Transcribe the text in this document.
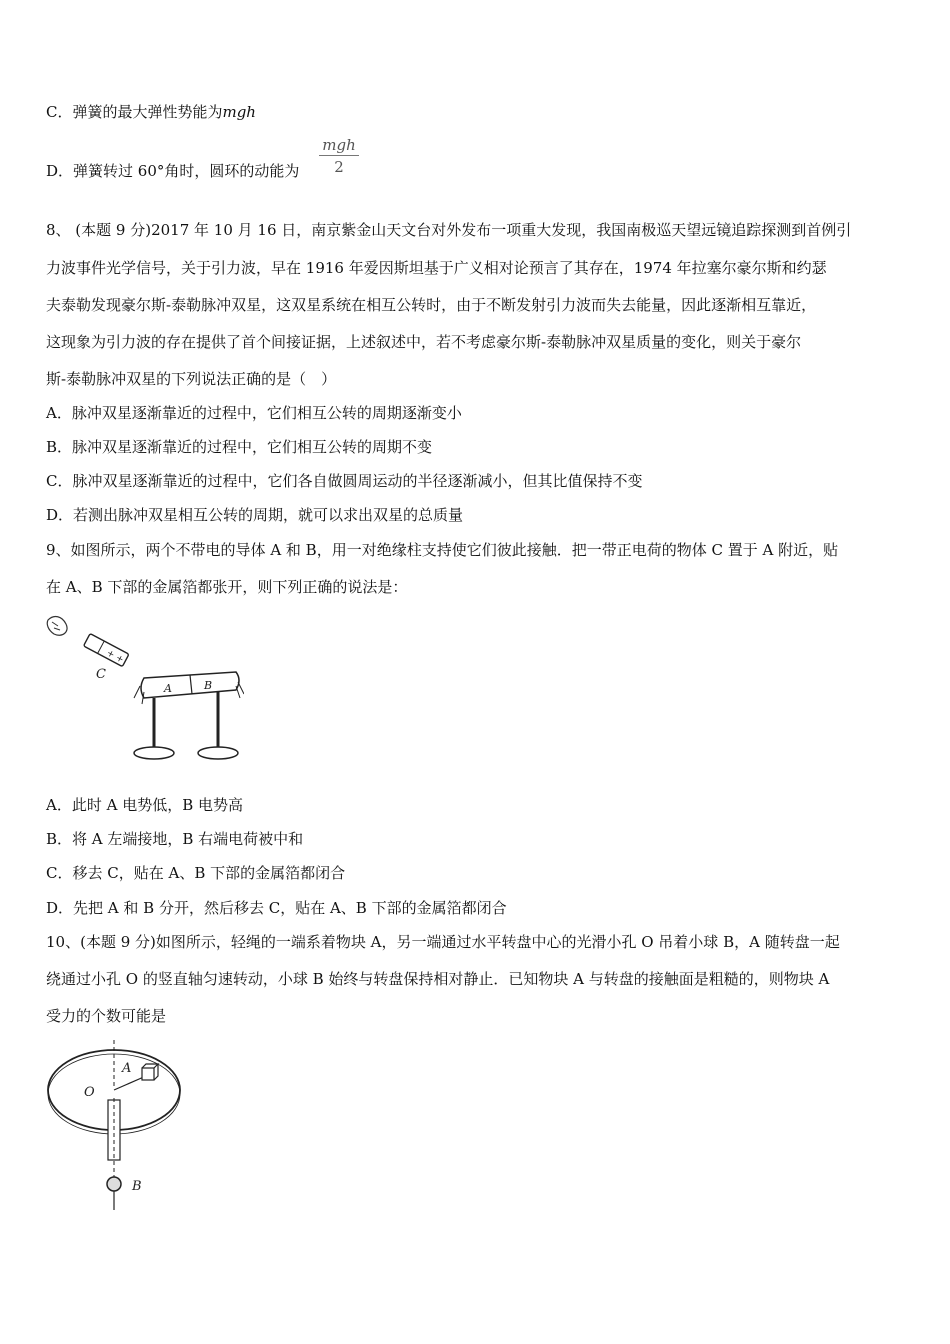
C．弹簧的最大弹性势能为mgh
D．弹簧转过 60°角时，圆环的动能为
mgh
2
8、 (本题 9 分)2017 年 10 月 16 日，南京紫金山天文台对外发布一项重大发现，我国南极巡天望远镜追踪探测到首例引
力波事件光学信号，关于引力波，早在 1916 年爱因斯坦基于广义相对论预言了其存在，1974 年拉塞尔豪尔斯和约瑟
夫泰勒发现豪尔斯-泰勒脉冲双星，这双星系统在相互公转时，由于不断发射引力波而失去能量，因此逐渐相互靠近，
这现象为引力波的存在提供了首个间接证据，上述叙述中，若不考虑豪尔斯-泰勒脉冲双星质量的变化，则关于豪尔
斯-泰勒脉冲双星的下列说法正确的是（　）
A．脉冲双星逐渐靠近的过程中，它们相互公转的周期逐渐变小
B．脉冲双星逐渐靠近的过程中，它们相互公转的周期不变
C．脉冲双星逐渐靠近的过程中，它们各自做圆周运动的半径逐渐减小，但其比值保持不变
D．若测出脉冲双星相互公转的周期，就可以求出双星的总质量
9、如图所示，两个不带电的导体 A 和 B，用一对绝缘柱支持使它们彼此接触．把一带正电荷的物体 C 置于 A 附近，贴
在 A、B 下部的金属箔都张开，则下列正确的说法是：
+ +
C
A	B
A．此时 A 电势低，B 电势高
B．将 A 左端接地，B 右端电荷被中和
C．移去 C，贴在 A、B 下部的金属箔都闭合
D．先把 A 和 B 分开，然后移去 C，贴在 A、B 下部的金属箔都闭合
10、(本题 9 分)如图所示，轻绳的一端系着物块 A，另一端通过水平转盘中心的光滑小孔 O 吊着小球 B，A 随转盘一起
绕通过小孔 O 的竖直轴匀速转动，小球 B 始终与转盘保持相对静止．已知物块 A 与转盘的接触面是粗糙的，则物块 A
受力的个数可能是
A
O
B
